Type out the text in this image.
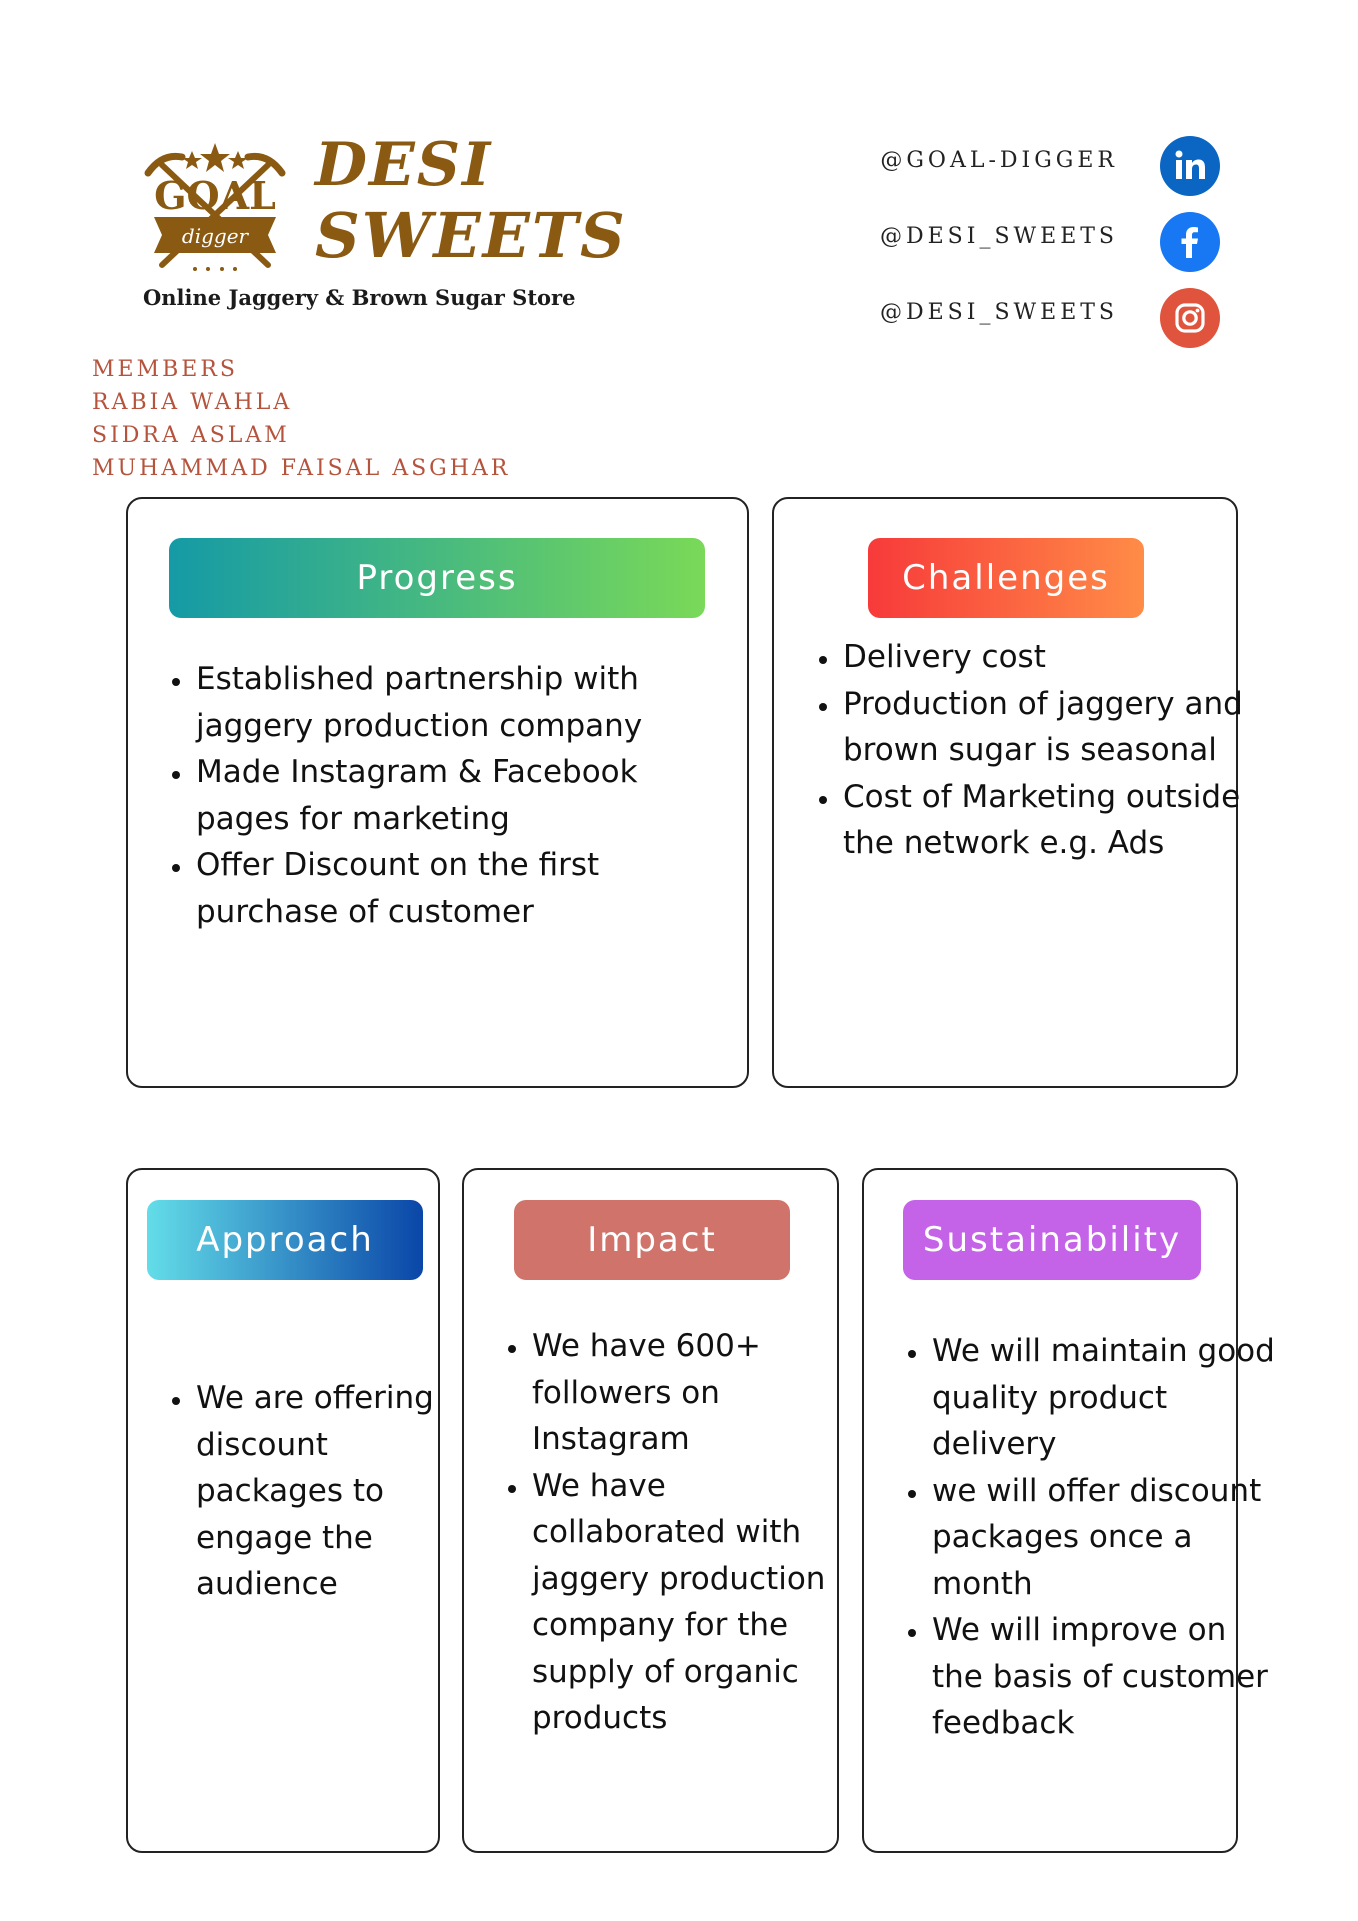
GOAL
digger
DESI
SWEETS
Online Jaggery & Brown Sugar Store
@GOAL-DIGGER
@DESI_SWEETS
@DESI_SWEETS
MEMBERS
RABIA WAHLA
SIDRA ASLAM
MUHAMMAD FAISAL ASGHAR
Progress
• Established partnership with jaggery production company
• Made Instagram & Facebook pages for marketing
• Offer Discount on the first purchase of customer
Challenges
• Delivery cost
• Production of jaggery and brown sugar is seasonal
• Cost of Marketing outside the network e.g. Ads
Approach
• We are offering discount packages to engage the audience
Impact
• We have 600+ followers on Instagram
• We have collaborated with jaggery production company for the supply of organic products
Sustainability
• We will maintain good quality product delivery
• we will offer discount packages once a month
• We will improve on the basis of customer feedback
